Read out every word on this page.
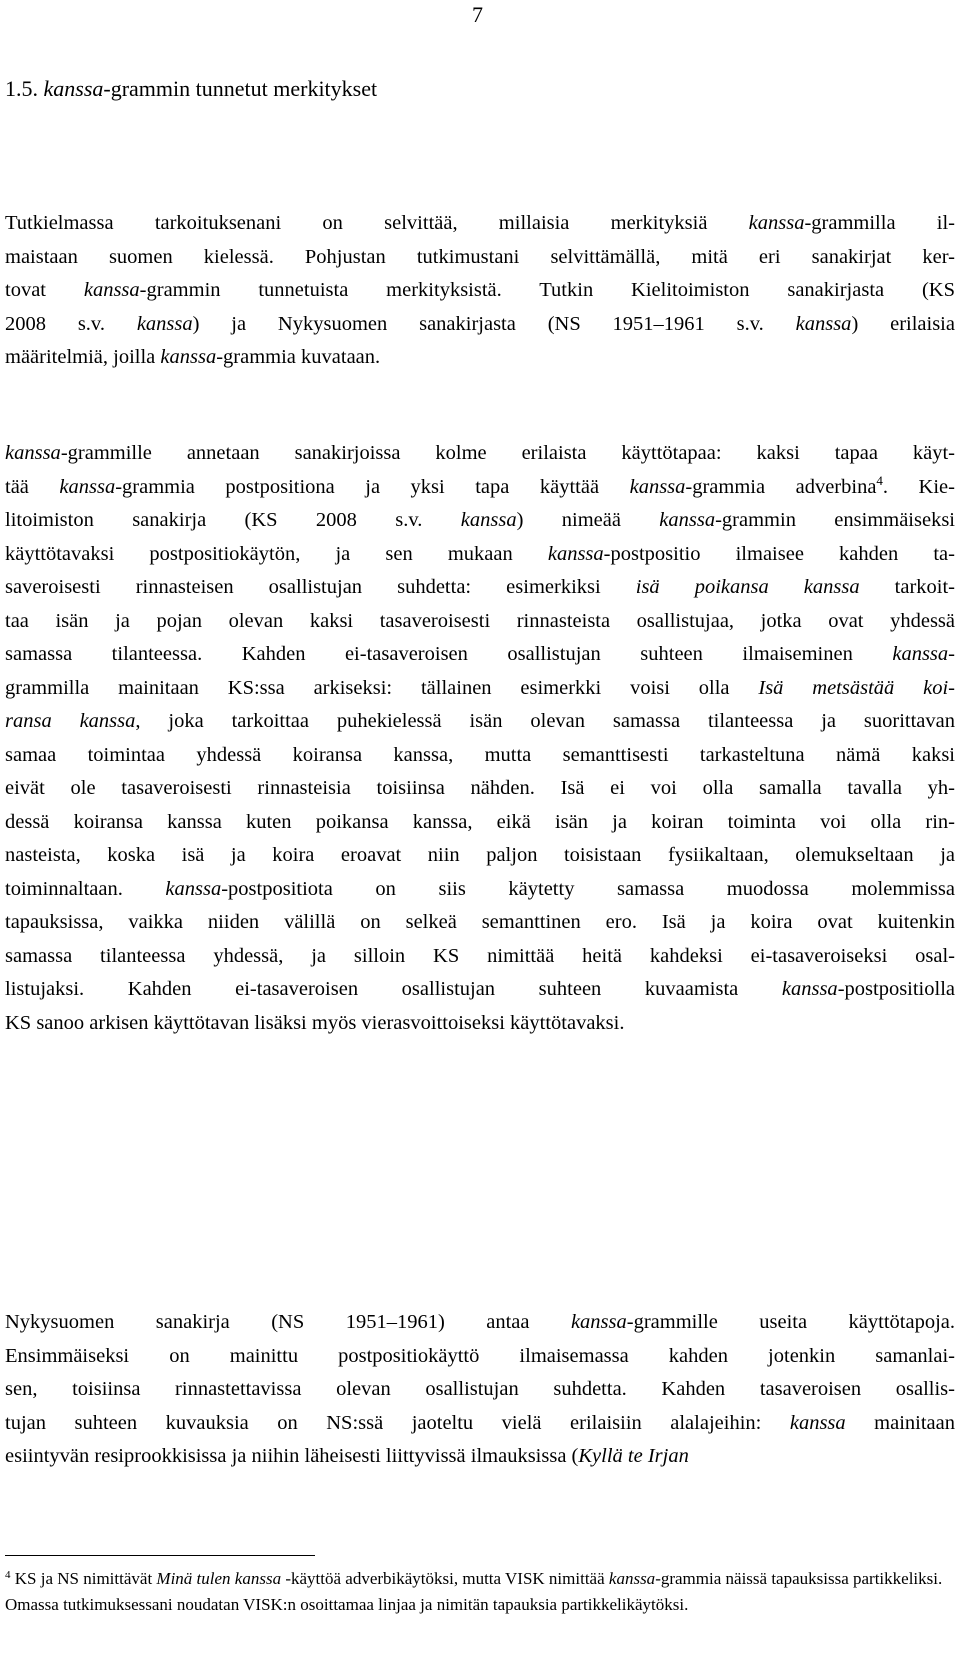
7
1.5. kanssa-grammin tunnetut merkitykset
Tutkielmassa tarkoituksenani on selvittää, millaisia merkityksiä kanssa-grammilla il-
maistaan suomen kielessä. Pohjustan tutkimustani selvittämällä, mitä eri sanakirjat ker-
tovat kanssa-grammin tunnetuista merkityksistä. Tutkin Kielitoimiston sanakirjasta (KS
2008 s.v. kanssa) ja Nykysuomen sanakirjasta (NS 1951–1961 s.v. kanssa) erilaisia
määritelmiä, joilla kanssa-grammia kuvataan.
kanssa-grammille annetaan sanakirjoissa kolme erilaista käyttötapaa: kaksi tapaa käyt-
tää kanssa-grammia postpositiona ja yksi tapa käyttää kanssa-grammia adverbina$^4$. Kie-
litoimiston sanakirja (KS 2008 s.v. kanssa) nimeää kanssa-grammin ensimmäiseksi
käyttötavaksi postpositiokäytön, ja sen mukaan kanssa-postpositio ilmaisee kahden ta-
saveroisesti rinnasteisen osallistujan suhdetta: esimerkiksi isä poikansa kanssa tarkoit-
taa isän ja pojan olevan kaksi tasaveroisesti rinnasteista osallistujaa, jotka ovat yhdessä
samassa tilanteessa. Kahden ei-tasaveroisen osallistujan suhteen ilmaiseminen kanssa-
grammilla mainitaan KS:ssa arkiseksi: tällainen esimerkki voisi olla Isä metsästää koi-
ransa kanssa, joka tarkoittaa puhekielessä isän olevan samassa tilanteessa ja suorittavan
samaa toimintaa yhdessä koiransa kanssa, mutta semanttisesti tarkasteltuna nämä kaksi
eivät ole tasaveroisesti rinnasteisia toisiinsa nähden. Isä ei voi olla samalla tavalla yh-
dessä koiransa kanssa kuten poikansa kanssa, eikä isän ja koiran toiminta voi olla rin-
nasteista, koska isä ja koira eroavat niin paljon toisistaan fysiikaltaan, olemukseltaan ja
toiminnaltaan. kanssa-postpositiota on siis käytetty samassa muodossa molemmissa
tapauksissa, vaikka niiden välillä on selkeä semanttinen ero. Isä ja koira ovat kuitenkin
samassa tilanteessa yhdessä, ja silloin KS nimittää heitä kahdeksi ei-tasaveroiseksi osal-
listujaksi. Kahden ei-tasaveroisen osallistujan suhteen kuvaamista kanssa-postpositiolla
KS sanoo arkisen käyttötavan lisäksi myös vierasvoittoiseksi käyttötavaksi.
Nykysuomen sanakirja (NS 1951–1961) antaa kanssa-grammille useita käyttötapoja.
Ensimmäiseksi on mainittu postpositiokäyttö ilmaisemassa kahden jotenkin samanlai-
sen, toisiinsa rinnastettavissa olevan osallistujan suhdetta. Kahden tasaveroisen osallis-
tujan suhteen kuvauksia on NS:ssä jaoteltu vielä erilaisiin alalajeihin: kanssa mainitaan
esiintyvän resiprookkisissa ja niihin läheisesti liittyvissä ilmauksissa (Kyllä te Irjan

$^4$ KS ja NS nimittävät Minä tulen kanssa -käyttöä adverbikäytöksi, mutta VISK nimittää kanssa-grammia näissä tapauksissa partikkeliksi. Omassa tutkimuksessani noudatan VISK:n osoittamaa linjaa ja nimitän tapauksia partikkelikäytöksi.
